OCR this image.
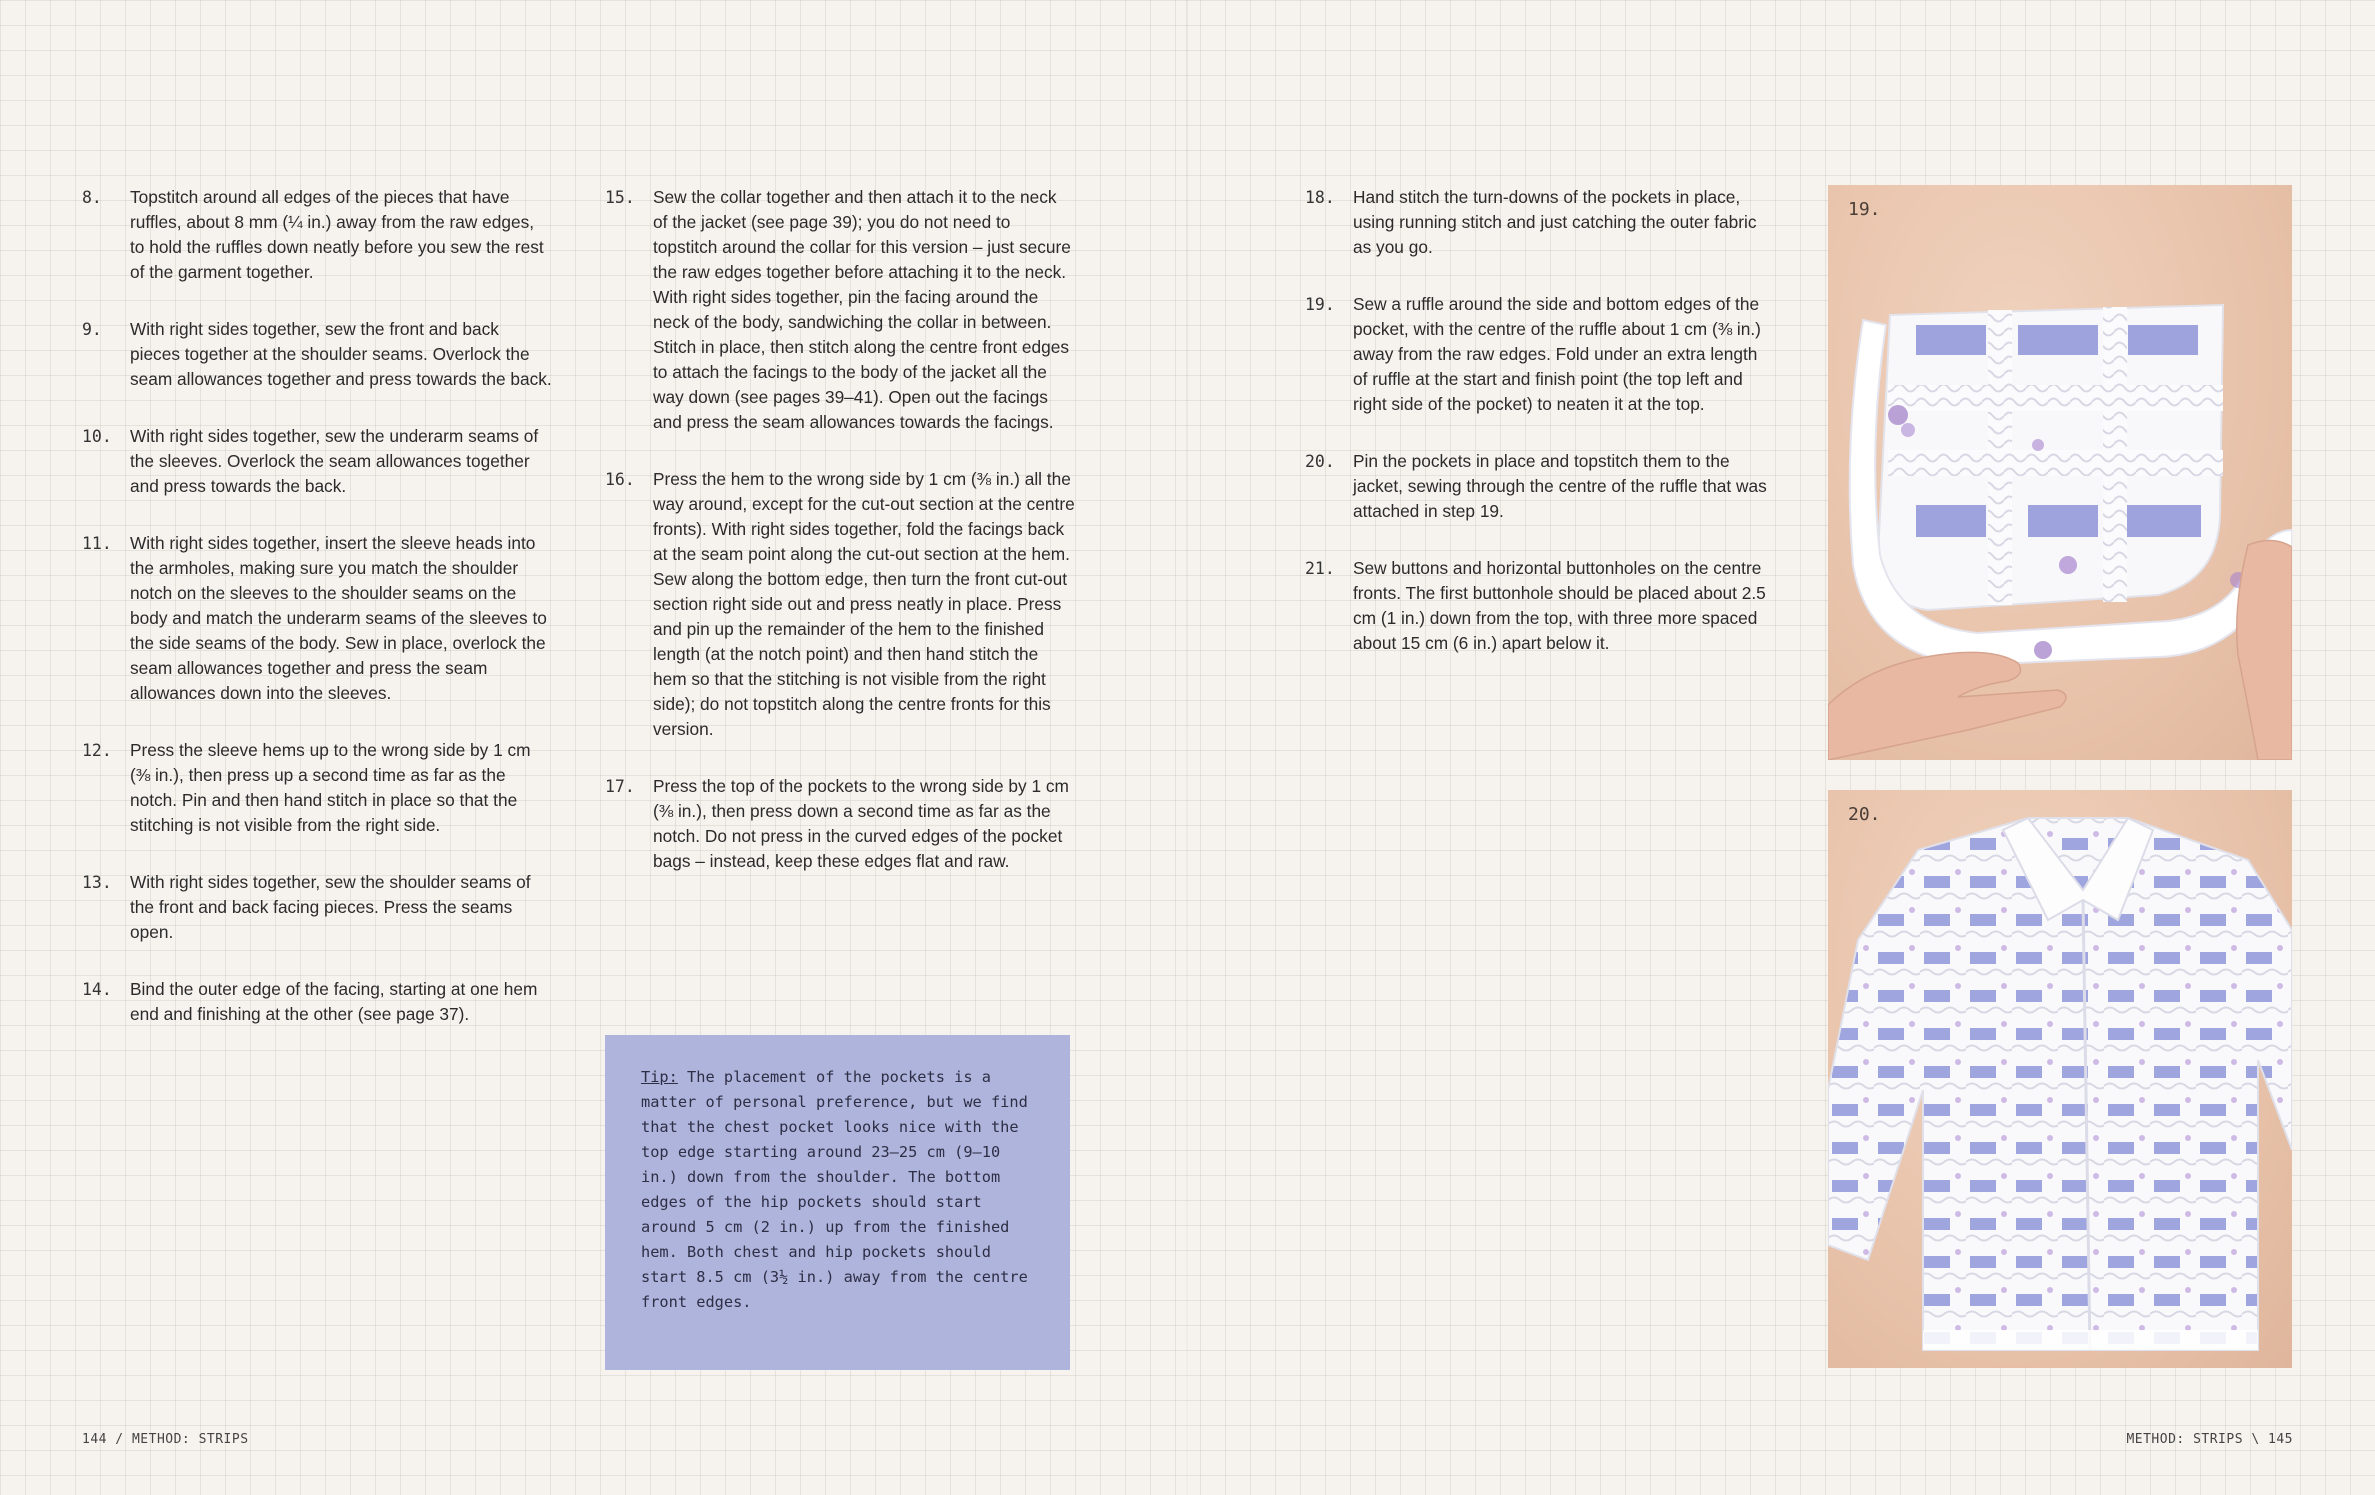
8.	Topstitch around all edges of the pieces that have ruffles, about 8 mm (¼ in.) away from the raw edges, to hold the ruffles down neatly before you sew the rest of the garment together.

9.	With right sides together, sew the front and back pieces together at the shoulder seams. Overlock the seam allowances together and press towards the back.

10.	With right sides together, sew the underarm seams of the sleeves. Overlock the seam allowances together and press towards the back.

11.	With right sides together, insert the sleeve heads into the armholes, making sure you match the shoulder notch on the sleeves to the shoulder seams on the body and match the underarm seams of the sleeves to the side seams of the body. Sew in place, overlock the seam allowances together and press the seam allowances down into the sleeves.

12.	Press the sleeve hems up to the wrong side by 1 cm (⅜ in.), then press up a second time as far as the notch. Pin and then hand stitch in place so that the stitching is not visible from the right side.

13.	With right sides together, sew the shoulder seams of the front and back facing pieces. Press the seams open.

14.	Bind the outer edge of the facing, starting at one hem end and finishing at the other (see page 37).

15.	Sew the collar together and then attach it to the neck of the jacket (see page 39); you do not need to topstitch around the collar for this version – just secure the raw edges together before attaching it to the neck. With right sides together, pin the facing around the neck of the body, sandwiching the collar in between. Stitch in place, then stitch along the centre front edges to attach the facings to the body of the jacket all the way down (see pages 39–41). Open out the facings and press the seam allowances towards the facings.

16.	Press the hem to the wrong side by 1 cm (⅜ in.) all the way around, except for the cut-out section at the centre fronts). With right sides together, fold the facings back at the seam point along the cut-out section at the hem. Sew along the bottom edge, then turn the front cut-out section right side out and press neatly in place. Press and pin up the remainder of the hem to the finished length (at the notch point) and then hand stitch the hem so that the stitching is not visible from the right side); do not topstitch along the centre fronts for this version.

17.	Press the top of the pockets to the wrong side by 1 cm (⅜ in.), then press down a second time as far as the notch. Do not press in the curved edges of the pocket bags – instead, keep these edges flat and raw.

Tip: The placement of the pockets is a matter of personal preference, but we find that the chest pocket looks nice with the top edge starting around 23–25 cm (9–10 in.) down from the shoulder. The bottom edges of the hip pockets should start around 5 cm (2 in.) up from the finished hem. Both chest and hip pockets should start 8.5 cm (3½ in.) away from the centre front edges.
18.	Hand stitch the turn-downs of the pockets in place, using running stitch and just catching the outer fabric as you go.

19.	Sew a ruffle around the side and bottom edges of the pocket, with the centre of the ruffle about 1 cm (⅜ in.) away from the raw edges. Fold under an extra length of ruffle at the start and finish point (the top left and right side of the pocket) to neaten it at the top.

20.	Pin the pockets in place and topstitch them to the jacket, sewing through the centre of the ruffle that was attached in step 19.

21.	Sew buttons and horizontal buttonholes on the centre fronts. The first buttonhole should be placed about 2.5 cm (1 in.) down from the top, with three more spaced about 15 cm (6 in.) apart below it.

19.
20.
144 / METHOD: STRIPS	METHOD: STRIPS \ 145
